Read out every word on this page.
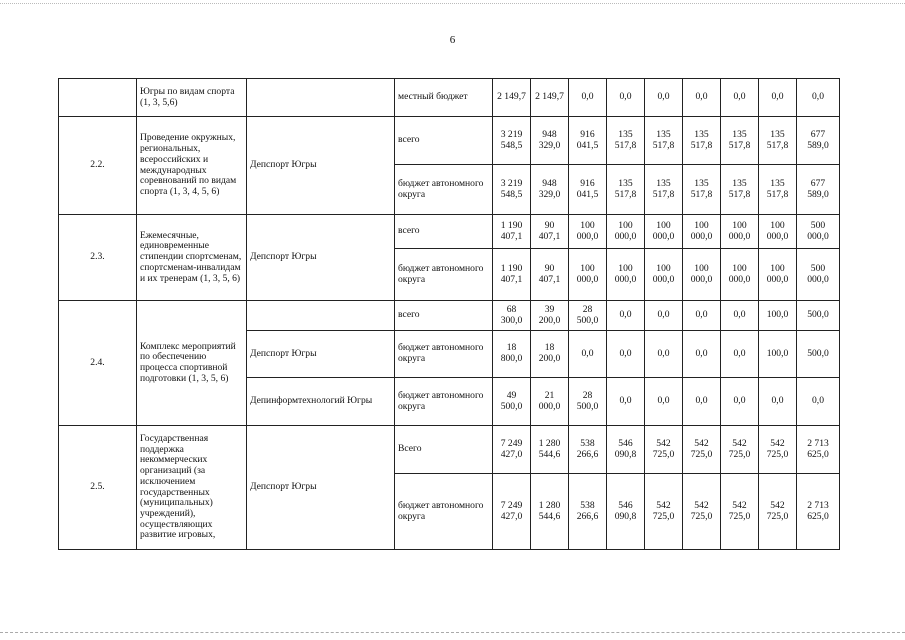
6
	Югры по видам спорта (1, 3, 5,6)		местный бюджет	2 149,7	2 149,7	0,0	0,0	0,0	0,0	0,0	0,0	0,0
2.2.	Проведение окружных, региональных, всероссийских и международных соревнований по видам спорта (1, 3, 4, 5, 6)	Депспорт Югры	всего	3 219 548,5	948 329,0	916 041,5	135 517,8	135 517,8	135 517,8	135 517,8	135 517,8	677 589,0
			бюджет автономного округа	3 219 548,5	948 329,0	916 041,5	135 517,8	135 517,8	135 517,8	135 517,8	135 517,8	677 589,0
2.3.	Ежемесячные, единовременные стипендии спортсменам, спортсменам-инвалидам и их тренерам (1, 3, 5, 6)	Депспорт Югры	всего	1 190 407,1	90 407,1	100 000,0	100 000,0	100 000,0	100 000,0	100 000,0	100 000,0	500 000,0
			бюджет автономного округа	1 190 407,1	90 407,1	100 000,0	100 000,0	100 000,0	100 000,0	100 000,0	100 000,0	500 000,0
2.4.	Комплекс мероприятий по обеспечению процесса спортивной подготовки (1, 3, 5, 6)		всего	68 300,0	39 200,0	28 500,0	0,0	0,0	0,0	0,0	100,0	500,0
		Депспорт Югры	бюджет автономного округа	18 800,0	18 200,0	0,0	0,0	0,0	0,0	0,0	100,0	500,0
		Депинформтехнологий Югры	бюджет автономного округа	49 500,0	21 000,0	28 500,0	0,0	0,0	0,0	0,0	0,0	0,0
2.5.	Государственная поддержка некоммерческих организаций (за исключением государственных (муниципальных) учреждений), осуществляющих развитие игровых,	Депспорт Югры	Всего	7 249 427,0	1 280 544,6	538 266,6	546 090,8	542 725,0	542 725,0	542 725,0	542 725,0	2 713 625,0
			бюджет автономного округа	7 249 427,0	1 280 544,6	538 266,6	546 090,8	542 725,0	542 725,0	542 725,0	542 725,0	2 713 625,0
